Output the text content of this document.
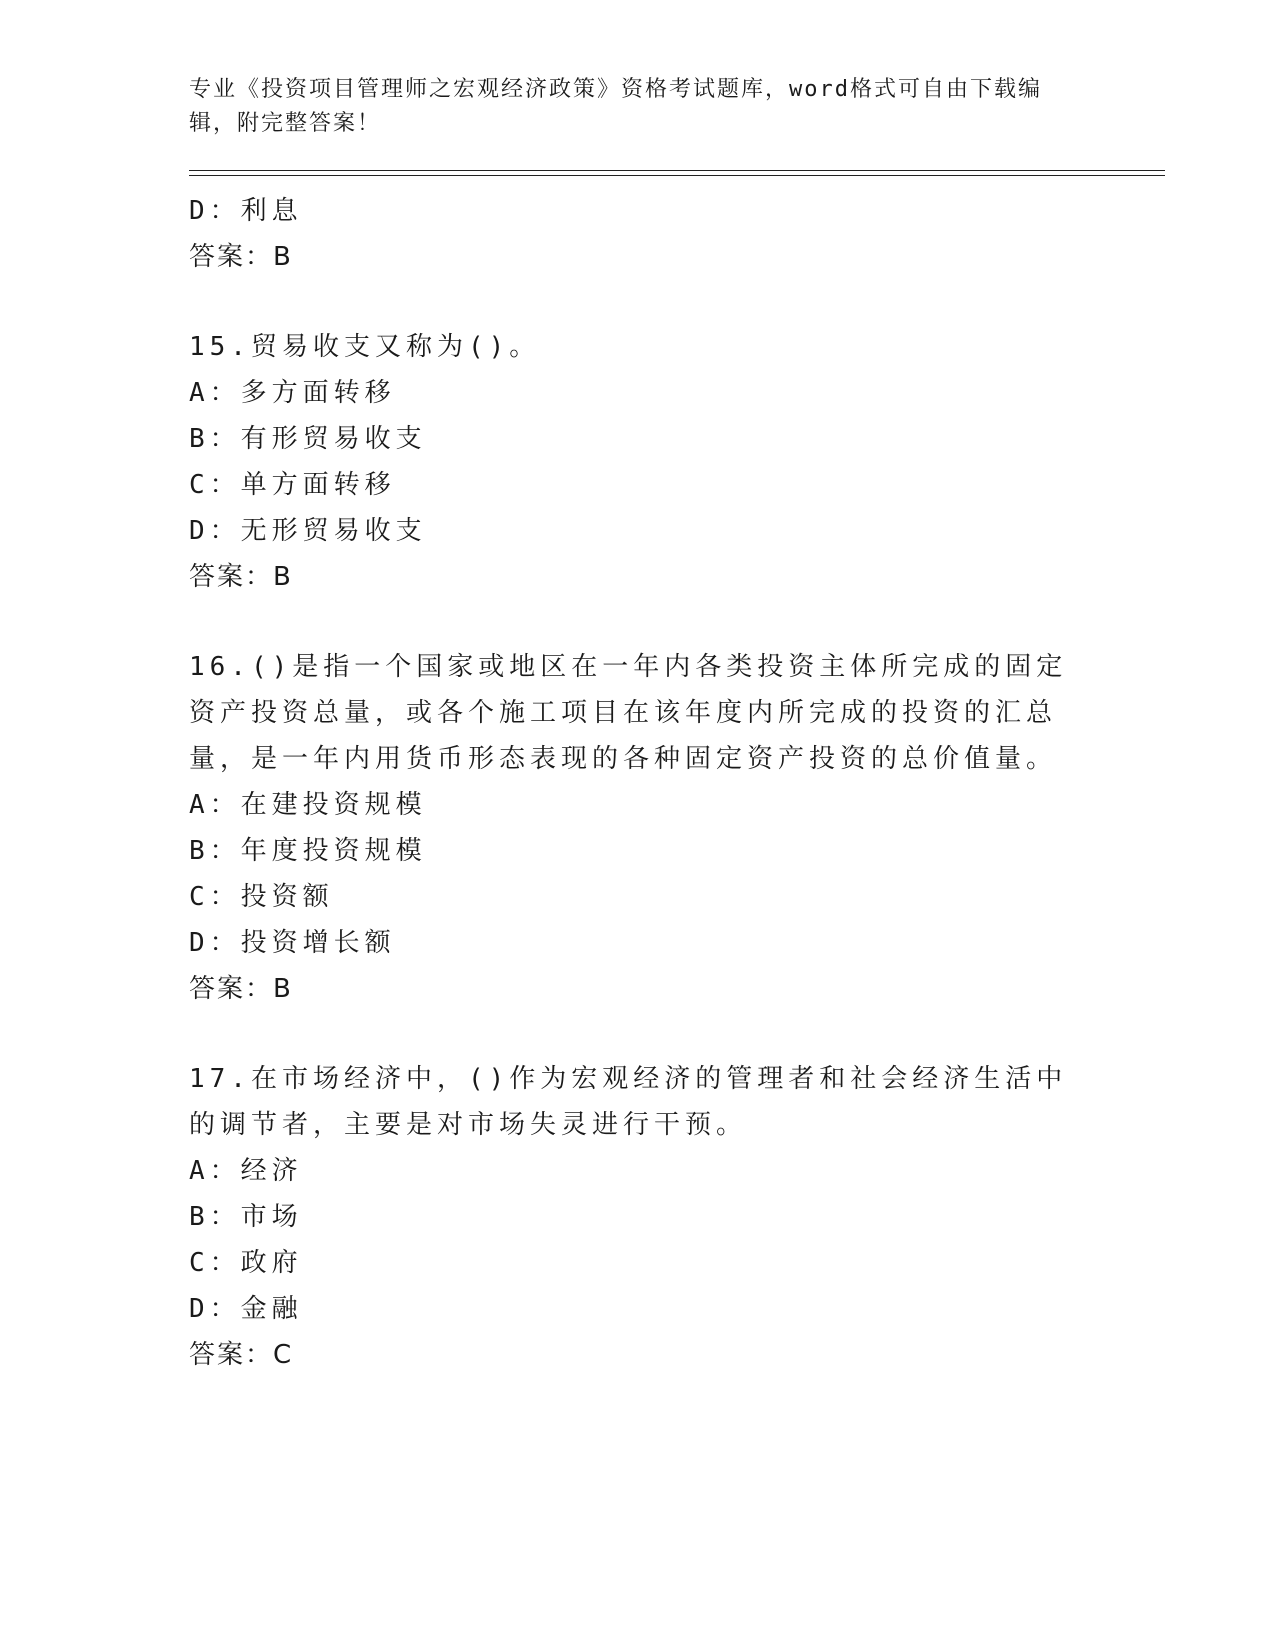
专业《投资项目管理师之宏观经济政策》资格考试题库，word格式可自由下载编辑，附完整答案！
D：利息
答案：B
15.贸易收支又称为()。
A：多方面转移
B：有形贸易收支
C：单方面转移
D：无形贸易收支
答案：B
16.()是指一个国家或地区在一年内各类投资主体所完成的固定资产投资总量，或各个施工项目在该年度内所完成的投资的汇总量，是一年内用货币形态表现的各种固定资产投资的总价值量。
A：在建投资规模
B：年度投资规模
C：投资额
D：投资增长额
答案：B
17.在市场经济中，()作为宏观经济的管理者和社会经济生活中的调节者，主要是对市场失灵进行干预。
A：经济
B：市场
C：政府
D：金融
答案：C
